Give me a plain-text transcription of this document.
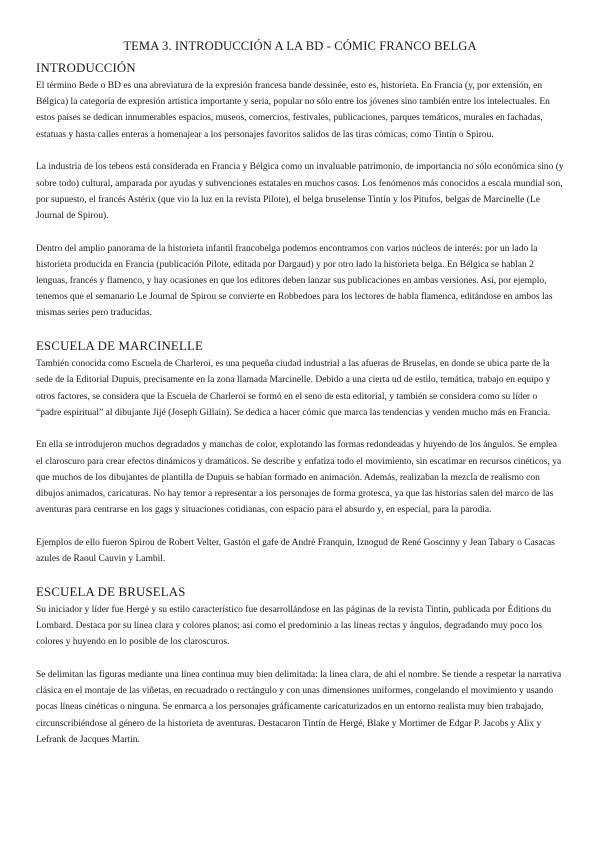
TEMA 3. INTRODUCCIÓN A LA BD - CÓMIC FRANCO BELGA
INTRODUCCIÓN

El término Bede o BD es una abreviatura de la expresión francesa bande dessinée, esto es, historieta. En Francia (y, por extensión, en Bélgica) la categoría de expresión artística importante y seria, popular no sólo entre los jóvenes sino también entre los intelectuales. En estos países se dedican innumerables espacios, museos, comercios, festivales, publicaciones, parques temáticos, murales en fachadas, estatuas y hasta calles enteras a homenajear a los personajes favoritos salidos de las tiras cómicas, como Tintín o Spirou.

La industria de los tebeos está considerada en Francia y Bélgica como un invaluable patrimonio, de importancia no sólo económica sino (y sobre todo) cultural, amparada por ayudas y subvenciones estatales en muchos casos. Los fenómenos más conocidos a escala mundial son, por supuesto, el francés Astérix (que vio la luz en la revista Pilote), el belga bruselense Tintín y los Pitufos, belgas de Marcinelle (Le Journal de Spirou).

Dentro del amplio panorama de la historieta infantil francobelga podemos encontramos con varios núcleos de interés: por un lado la historieta producida en Francia (publicación Pilote, editada por Dargaud) y por otro lado la historieta belga. En Bélgica se hablan 2 lenguas, francés y flamenco, y hay ocasiones en que los editores deben lanzar sus publicaciones en ambas versiones. Así, por ejemplo, tenemos que el semanario Le Journal de Spirou se convierte en Robbedoes para los lectores de habla flamenca, editándose en ambos las mismas series pero traducidas.

ESCUELA DE MARCINELLE

También conocida como Escuela de Charleroi, es una pequeña ciudad industrial a las afueras de Bruselas, en donde se ubica parte de la sede de la Editorial Dupuis, precisamente en la zona llamada Marcinelle. Debido a una cierta ud de estilo, temática, trabajo en equipo y otros factores, se considera que la Escuela de Charleroi se formó en el seno de esta editorial, y también se considera como su líder o “padre espiritual” al dibujante Jijé (Joseph Gillain). Se dedica a hacer cómic que marca las tendencias y venden mucho más en Francia.

En ella se introdujeron muchos degradados y manchas de color, explotando las formas redondeadas y huyendo de los ángulos. Se emplea el claroscuro para crear efectos dinámicos y dramáticos. Se describe y enfatiza todo el movimiento, sin escatimar en recursos cinéticos, ya que muchos de los dibujantes de plantilla de Dupuis se habían formado en animación. Además, realizaban la mezcla de realismo con dibujos animados, caricaturas. No hay temor a representar a los personajes de forma grotesca, ya que las historias salen del marco de las aventuras para centrarse en los gags y situaciones cotidianas, con espacio para el absurdo y, en especial, para la parodia.

Ejemplos de ello fueron Spirou de Robert Velter, Gastón el gafe de Andrè Franquin, Iznogud de René Goscinny y Jean Tabary o Casacas azules de Raoul Cauvin y Lambil.

ESCUELA DE BRUSELAS

Su iniciador y líder fue Hergé y su estilo característico fue desarrollándose en las páginas de la revista Tintín, publicada por Éditions du Lombard. Destaca por su línea clara y colores planos; así como el predominio a las líneas rectas y ángulos, degradando muy poco los colores y huyendo en lo posible de los claroscuros.

Se delimitan las figuras mediante una línea continua muy bien delimitada: la línea clara, de ahí el nombre. Se tiende a respetar la narrativa clásica en el montaje de las viñetas, en recuadrado o rectángulo y con unas dimensiones uniformes, congelando el movimiento y usando pocas líneas cinéticas o ninguna. Se enmarca a los personajes gráficamente caricaturizados en un entorno realista muy bien trabajado, circunscribiéndose al género de la historieta de aventuras. Destacaron Tintín de Hergé, Blake y Mortimer de Edgar P. Jacobs y Alix y Lefrank de Jacques Martin.
